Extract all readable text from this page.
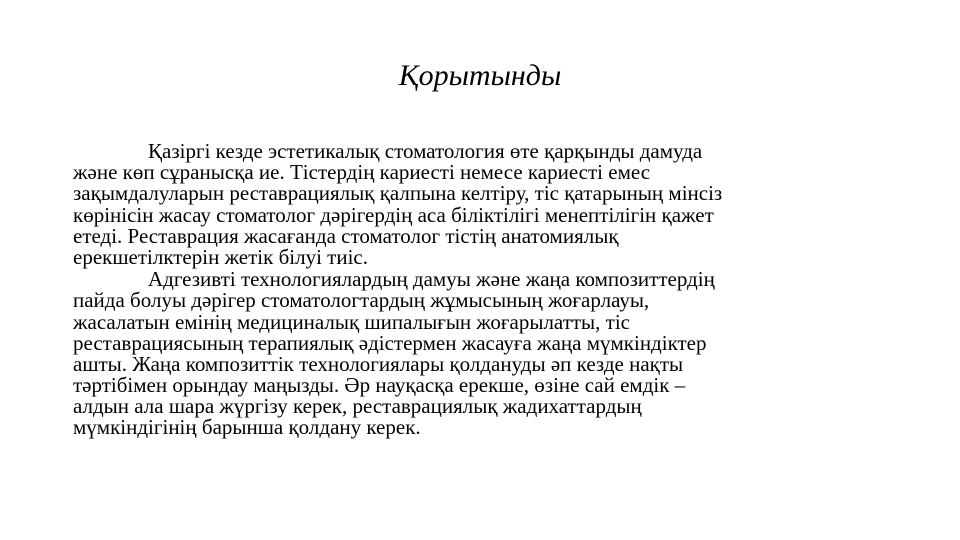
Қорытынды
Қазіргі кезде эстетикалық стоматология өте қарқынды дамуда
және көп сұранысқа ие. Тістердің кариесті немесе кариесті емес
зақымдалуларын реставрациялық қалпына келтіру, тіс қатарының мінсіз
көрінісін жасау стоматолог дәрігердің аса біліктілігі менептілігін қажет
етеді. Реставрация жасағанда стоматолог тістің анатомиялық
ерекшетілктерін жетік білуі тиіс.
Адгезивті технологиялардың дамуы және жаңа композиттердің
пайда болуы дәрігер стоматологтардың жұмысының жоғарлауы,
жасалатын емінің медициналық шипалығын жоғарылатты, тіс
реставрациясының терапиялық әдістермен жасауға жаңа мүмкіндіктер
ашты. Жаңа композиттік технологиялары қолдануды әп кезде нақты
тәртібімен орындау маңызды. Әр науқасқа ерекше, өзіне сай емдік –
алдын ала шара жүргізу керек, реставрациялық жадихаттардың
мүмкіндігінің барынша қолдану керек.
